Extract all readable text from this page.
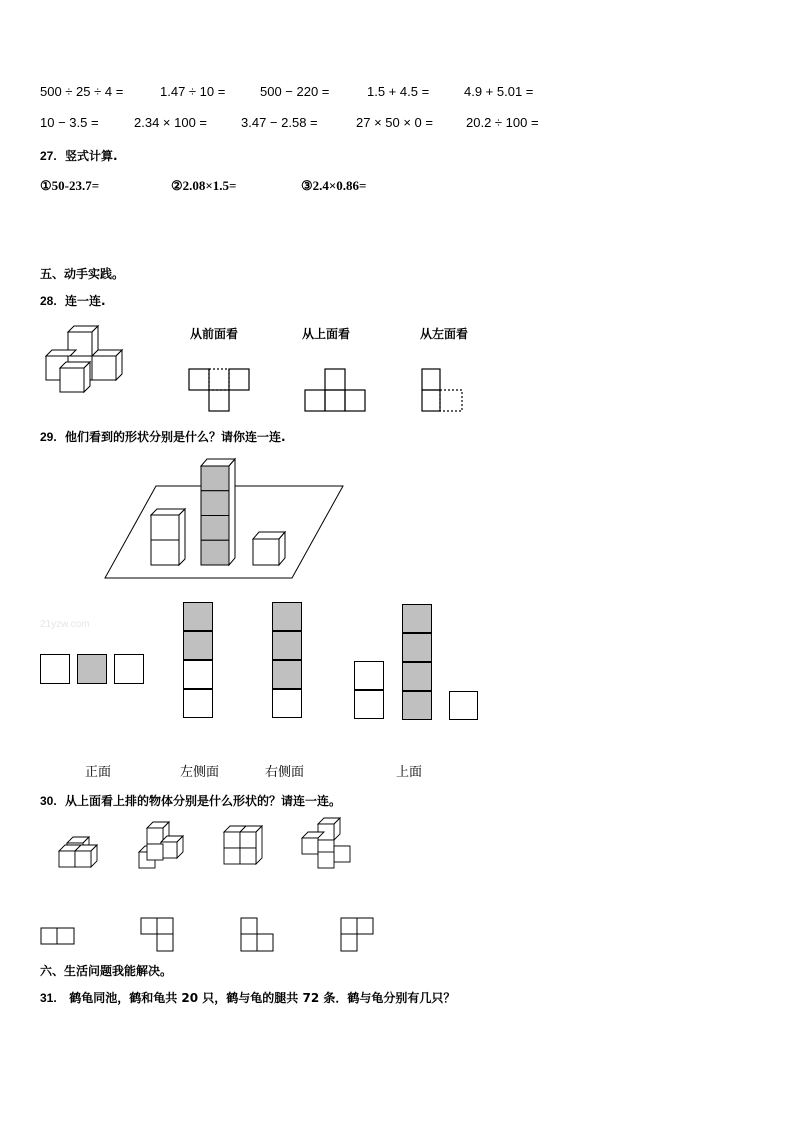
500 ÷ 25 ÷ 4 =	1.47 ÷ 10 =	500 − 220 =	1.5 + 4.5 =	4.9 + 5.01 =
10 − 3.5 =	2.34 × 100 =	3.47 − 2.58 =	27 × 50 × 0 =	20.2 ÷ 100 =
27. 竖式计算.
①50-23.7=	②2.08×1.5=	③2.4×0.86=
五、动手实践。
28. 连一连.
从前面看	从上面看	从左面看
29. 他们看到的形状分别是什么？请你连一连.
21yzw.com
正面	左侧面	右侧面	上面
30. 从上面看上排的物体分别是什么形状的？请连一连。
六、生活问题我能解决。
31. 鹤龟同池，鹤和龟共 20 只，鹤与龟的腿共 72 条．鹤与龟分别有几只？
